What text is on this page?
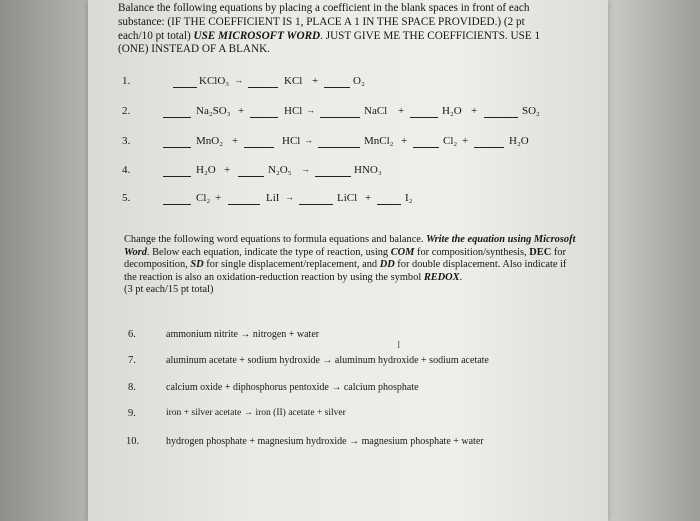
Balance the following equations by placing a coefficient in the blank spaces in front of each

substance: (IF THE COEFFICIENT IS 1, PLACE A 1 IN THE SPACE PROVIDED.) (2 pt

each/10 pt total) USE MICROSOFT WORD. JUST GIVE ME THE COEFFICIENTS. USE 1

(ONE) INSTEAD OF A BLANK.

1.	KClO₃ →	KCl +	O₂
2.	Na₂SO₃ +	HCl →	NaCl +	H₂O +	SO₂
3.	MnO₂ +	HCl →	MnCl₂ +	Cl₂ +	H₂O
4.	H₂O +	N₂O₅ →	HNO₃
5.	Cl₂ +	LiI →	LiCl +	I₂

Change the following word equations to formula equations and balance. Write the equation using Microsoft Word. Below each equation, indicate the type of reaction, using COM for composition/synthesis, DEC for decomposition, SD for single displacement/replacement, and DD for double displacement. Also indicate if the reaction is also an oxidation-reduction reaction by using the symbol REDOX.

(3 pt each/15 pt total)

6.	ammonium nitrite → nitrogen + water
7.	aluminum acetate + sodium hydroxide → aluminum hydroxide + sodium acetate
8.	calcium oxide + diphosphorus pentoxide → calcium phosphate
9.	iron + silver acetate → iron (II) acetate + silver
10.	hydrogen phosphate + magnesium hydroxide → magnesium phosphate + water
I
